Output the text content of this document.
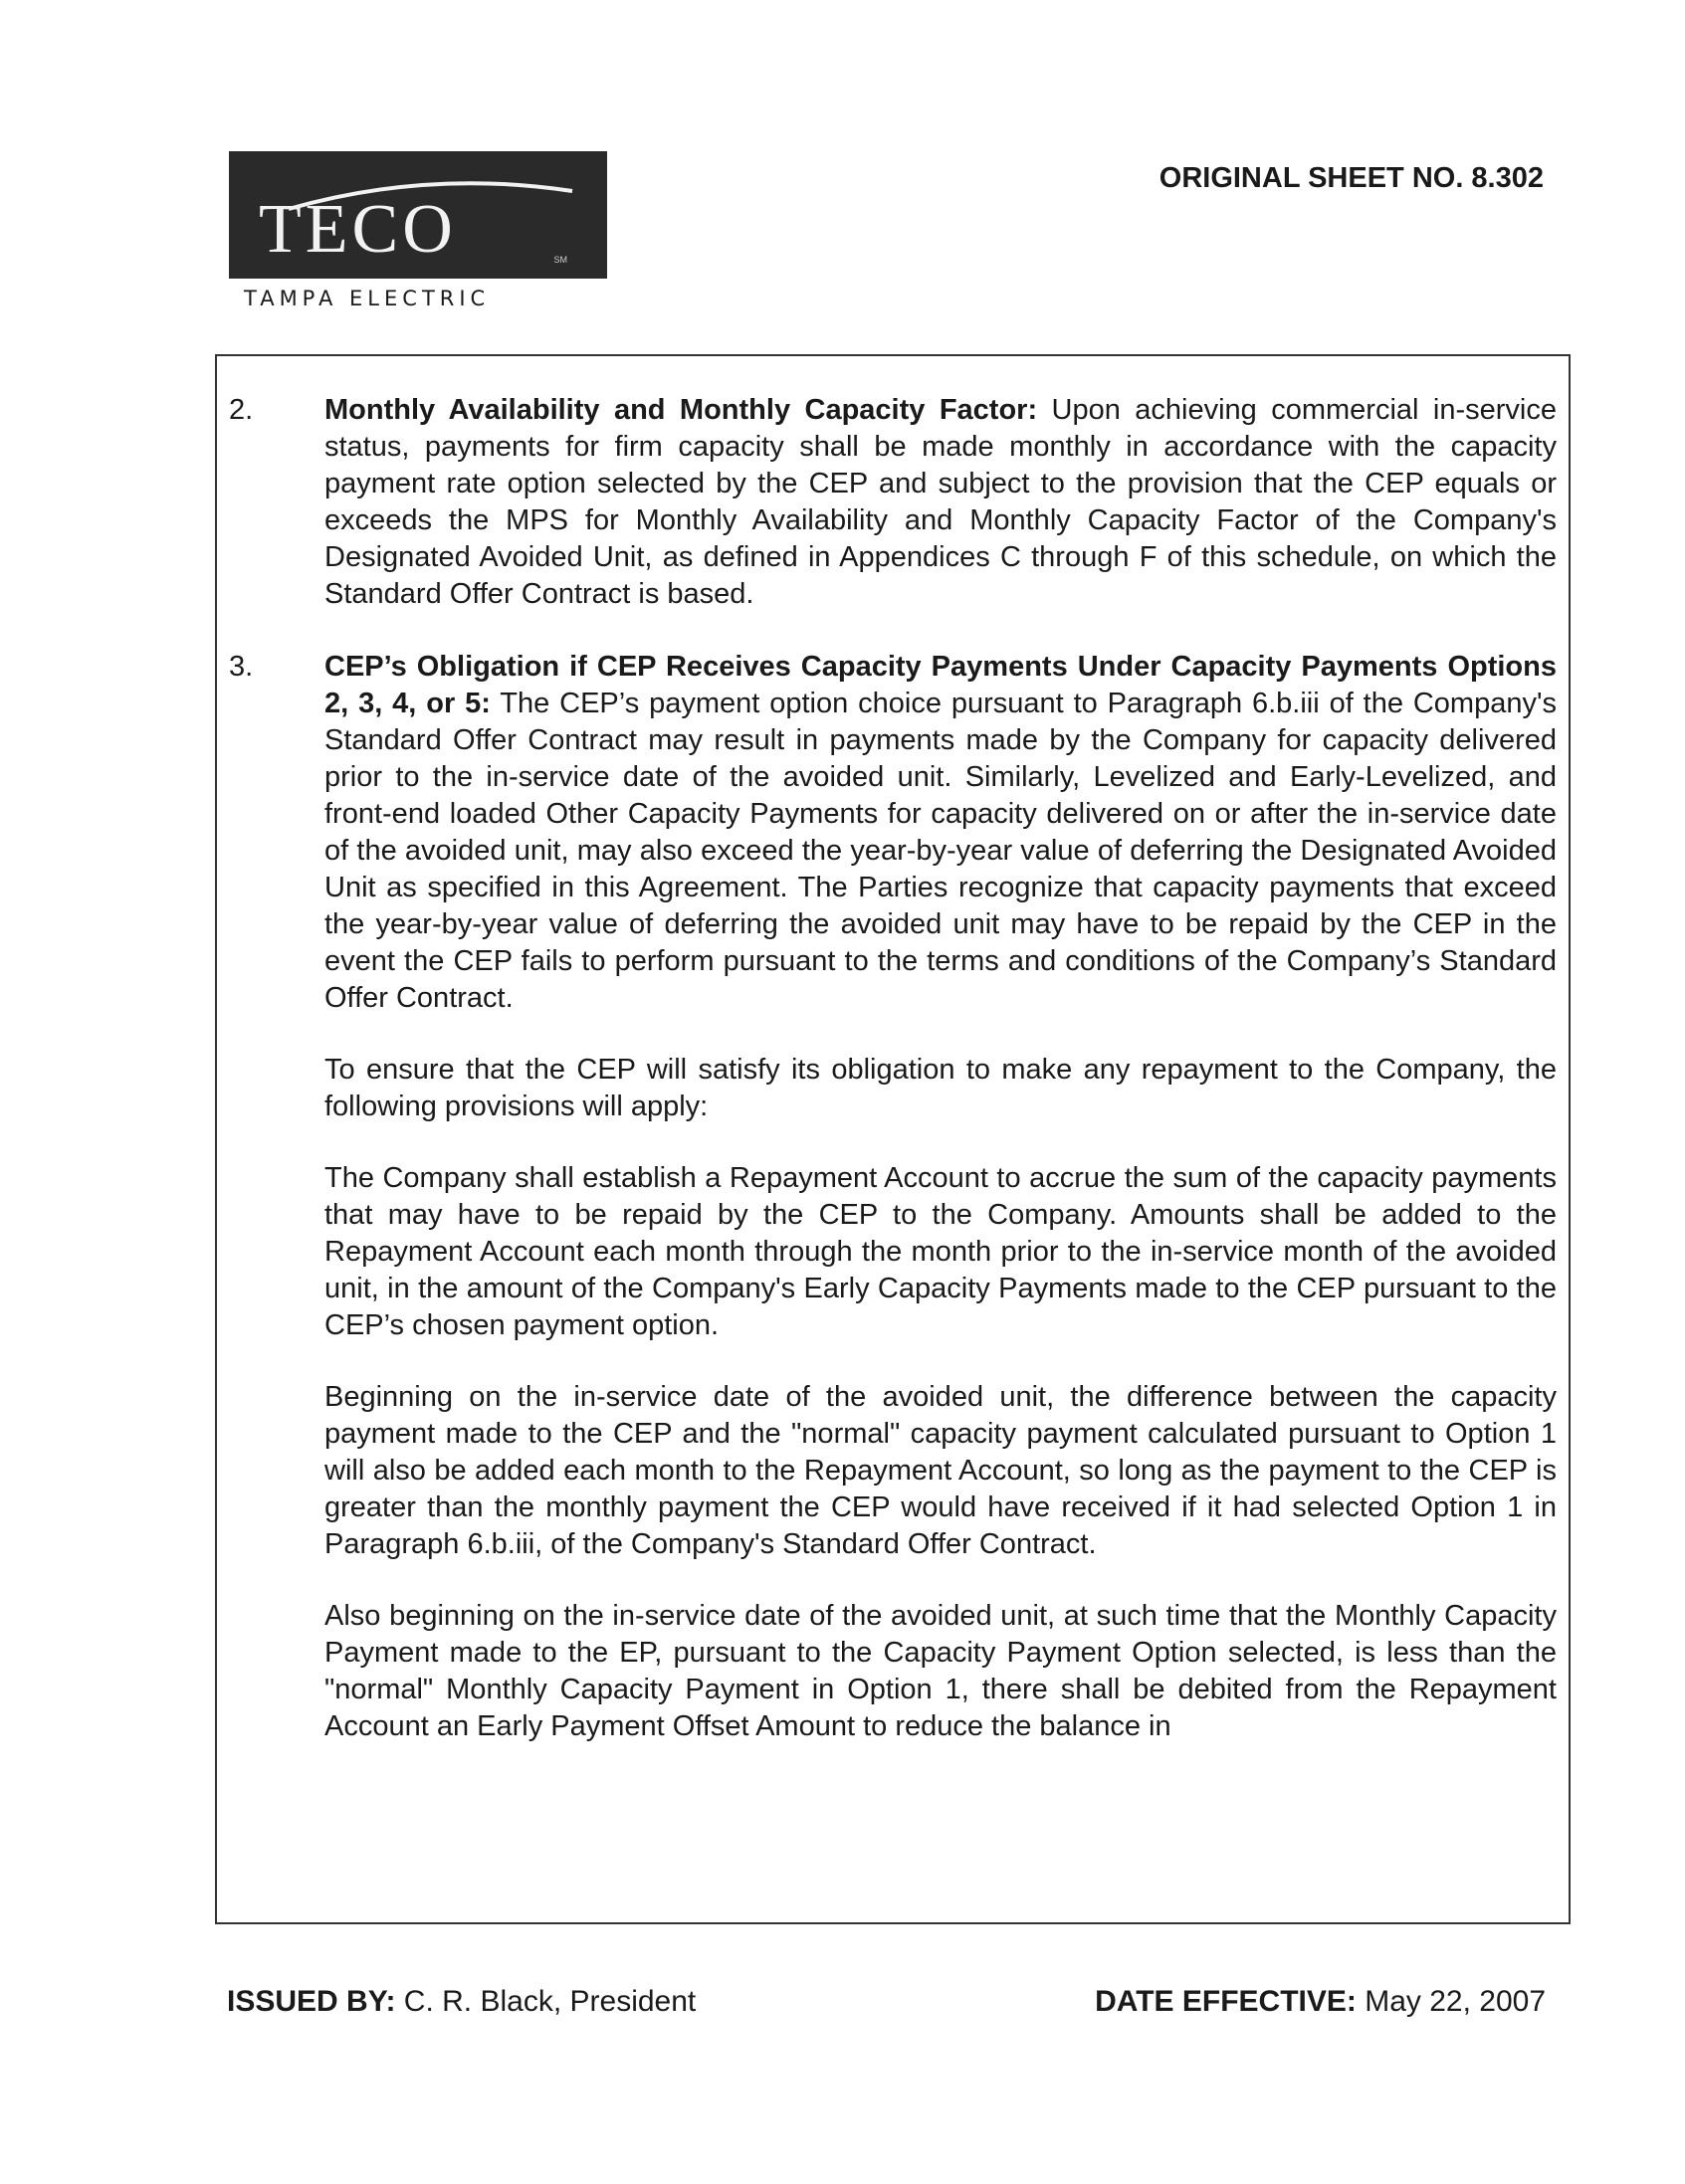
TECO	SM
TAMPA ELECTRIC
ORIGINAL SHEET NO. 8.302
2. Monthly Availability and Monthly Capacity Factor: Upon achieving commercial in-service status, payments for firm capacity shall be made monthly in accordance with the capacity payment rate option selected by the CEP and subject to the provision that the CEP equals or exceeds the MPS for Monthly Availability and Monthly Capacity Factor of the Company's Designated Avoided Unit, as defined in Appendices C through F of this schedule, on which the Standard Offer Contract is based.

3. CEP’s Obligation if CEP Receives Capacity Payments Under Capacity Payments Options 2, 3, 4, or 5: The CEP’s payment option choice pursuant to Paragraph 6.b.iii of the Company's Standard Offer Contract may result in payments made by the Company for capacity delivered prior to the in-service date of the avoided unit. Similarly, Levelized and Early-Levelized, and front-end loaded Other Capacity Payments for capacity delivered on or after the in-service date of the avoided unit, may also exceed the year-by-year value of deferring the Designated Avoided Unit as specified in this Agreement. The Parties recognize that capacity payments that exceed the year-by-year value of deferring the avoided unit may have to be repaid by the CEP in the event the CEP fails to perform pursuant to the terms and conditions of the Company’s Standard Offer Contract.

To ensure that the CEP will satisfy its obligation to make any repayment to the Company, the following provisions will apply:

The Company shall establish a Repayment Account to accrue the sum of the capacity payments that may have to be repaid by the CEP to the Company. Amounts shall be added to the Repayment Account each month through the month prior to the in-service month of the avoided unit, in the amount of the Company's Early Capacity Payments made to the CEP pursuant to the CEP’s chosen payment option.

Beginning on the in-service date of the avoided unit, the difference between the capacity payment made to the CEP and the "normal" capacity payment calculated pursuant to Option 1 will also be added each month to the Repayment Account, so long as the payment to the CEP is greater than the monthly payment the CEP would have received if it had selected Option 1 in Paragraph 6.b.iii, of the Company's Standard Offer Contract.

Also beginning on the in-service date of the avoided unit, at such time that the Monthly Capacity Payment made to the EP, pursuant to the Capacity Payment Option selected, is less than the "normal" Monthly Capacity Payment in Option 1, there shall be debited from the Repayment Account an Early Payment Offset Amount to reduce the balance in

ISSUED BY: C. R. Black, President	DATE EFFECTIVE: May 22, 2007
